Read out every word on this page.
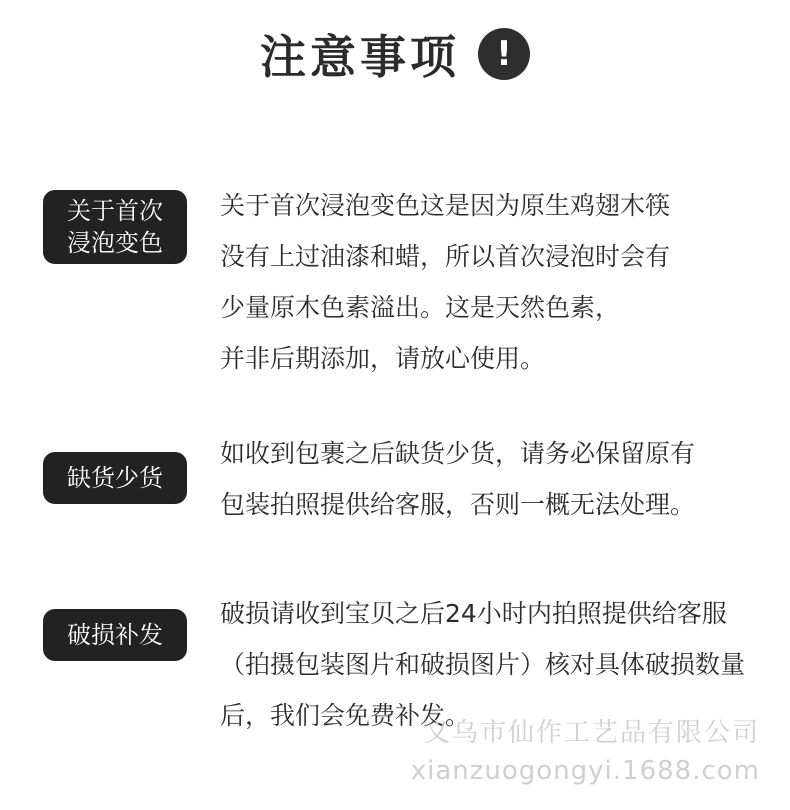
注意事项	!
关于首次
浸泡变色
关于首次浸泡变色这是因为原生鸡翅木筷
没有上过油漆和蜡，所以首次浸泡时会有
少量原木色素溢出。这是天然色素，
并非后期添加，请放心使用。
缺货少货
如收到包裹之后缺货少货，请务必保留原有
包装拍照提供给客服，否则一概无法处理。
破损补发
破损请收到宝贝之后24小时内拍照提供给客服
（拍摄包装图片和破损图片）核对具体破损数量
后，我们会免费补发。
义乌市仙作工艺品有限公司
xianzuogongyi.1688.com
